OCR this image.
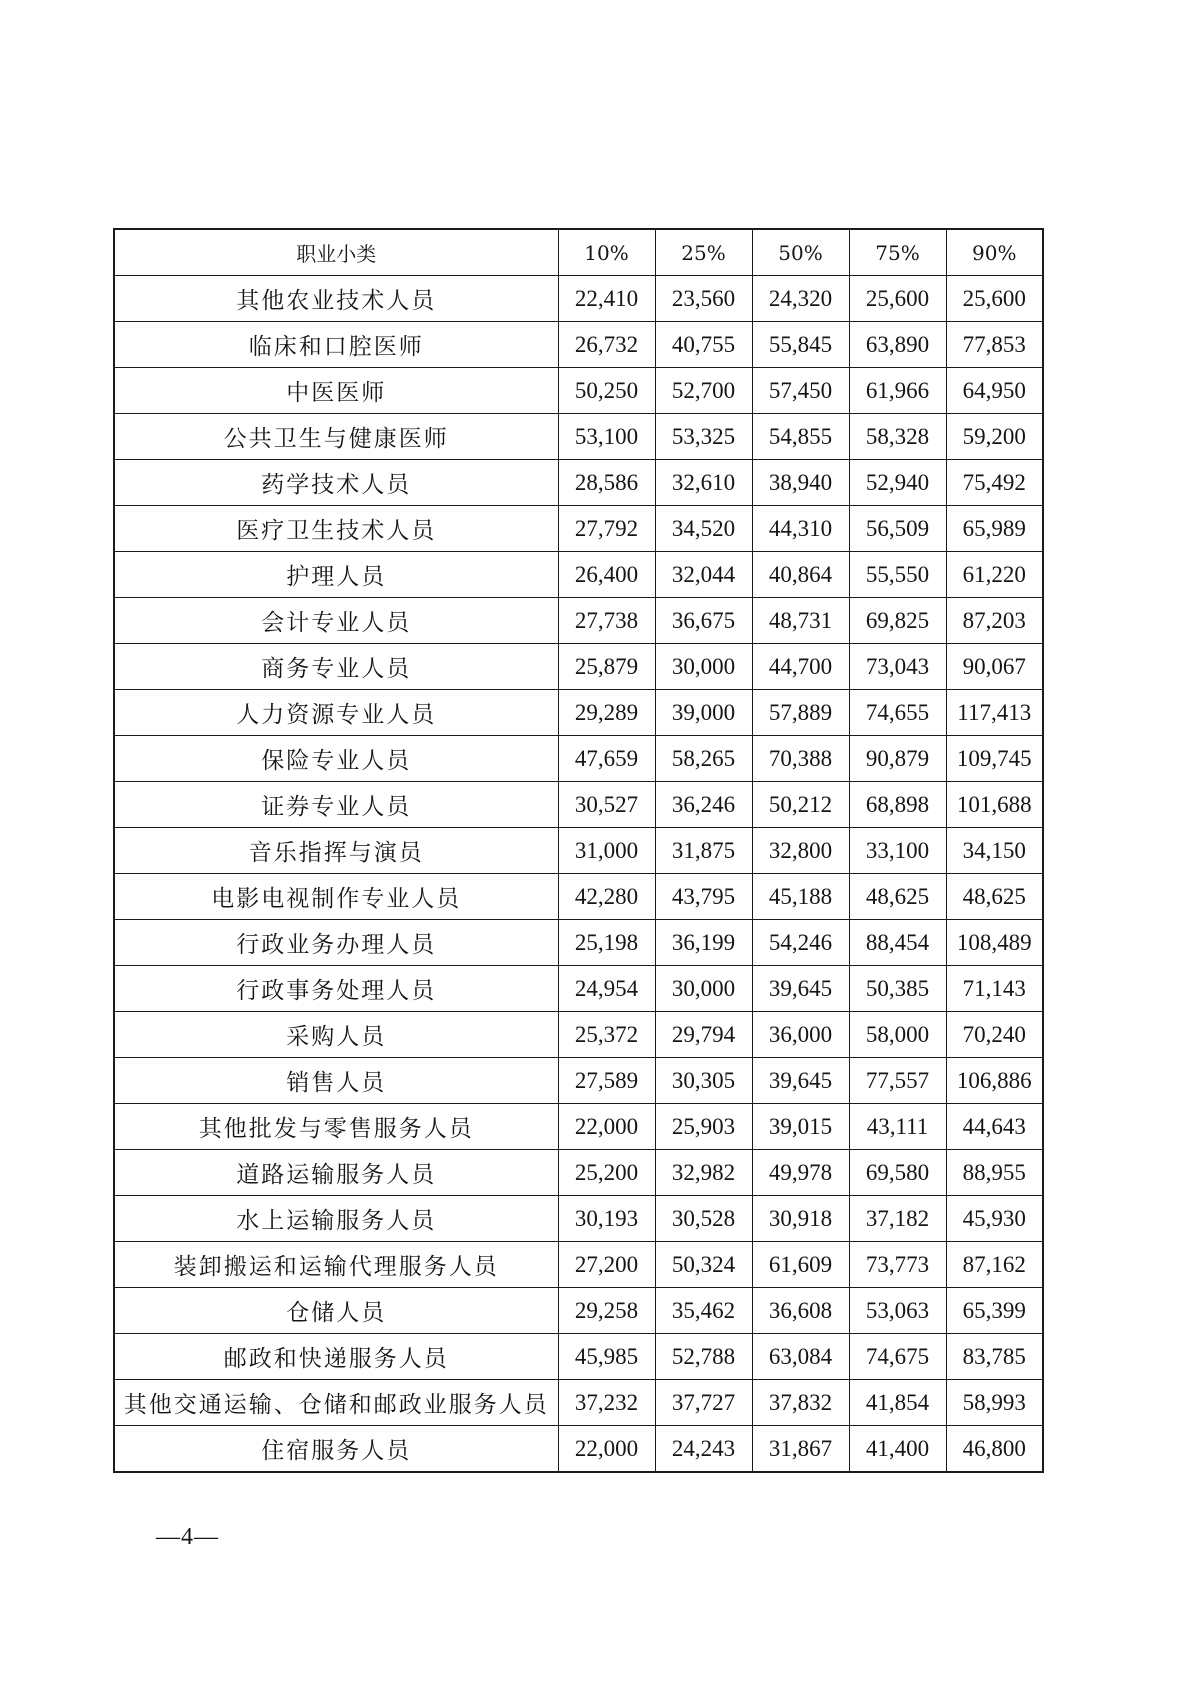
职业小类	10%	25%	50%	75%	90%
其他农业技术人员	22,410	23,560	24,320	25,600	25,600
临床和口腔医师	26,732	40,755	55,845	63,890	77,853
中医医师	50,250	52,700	57,450	61,966	64,950
公共卫生与健康医师	53,100	53,325	54,855	58,328	59,200
药学技术人员	28,586	32,610	38,940	52,940	75,492
医疗卫生技术人员	27,792	34,520	44,310	56,509	65,989
护理人员	26,400	32,044	40,864	55,550	61,220
会计专业人员	27,738	36,675	48,731	69,825	87,203
商务专业人员	25,879	30,000	44,700	73,043	90,067
人力资源专业人员	29,289	39,000	57,889	74,655	117,413
保险专业人员	47,659	58,265	70,388	90,879	109,745
证券专业人员	30,527	36,246	50,212	68,898	101,688
音乐指挥与演员	31,000	31,875	32,800	33,100	34,150
电影电视制作专业人员	42,280	43,795	45,188	48,625	48,625
行政业务办理人员	25,198	36,199	54,246	88,454	108,489
行政事务处理人员	24,954	30,000	39,645	50,385	71,143
采购人员	25,372	29,794	36,000	58,000	70,240
销售人员	27,589	30,305	39,645	77,557	106,886
其他批发与零售服务人员	22,000	25,903	39,015	43,111	44,643
道路运输服务人员	25,200	32,982	49,978	69,580	88,955
水上运输服务人员	30,193	30,528	30,918	37,182	45,930
装卸搬运和运输代理服务人员	27,200	50,324	61,609	73,773	87,162
仓储人员	29,258	35,462	36,608	53,063	65,399
邮政和快递服务人员	45,985	52,788	63,084	74,675	83,785
其他交通运输、仓储和邮政业服务人员	37,232	37,727	37,832	41,854	58,993
住宿服务人员	22,000	24,243	31,867	41,400	46,800
—4—
